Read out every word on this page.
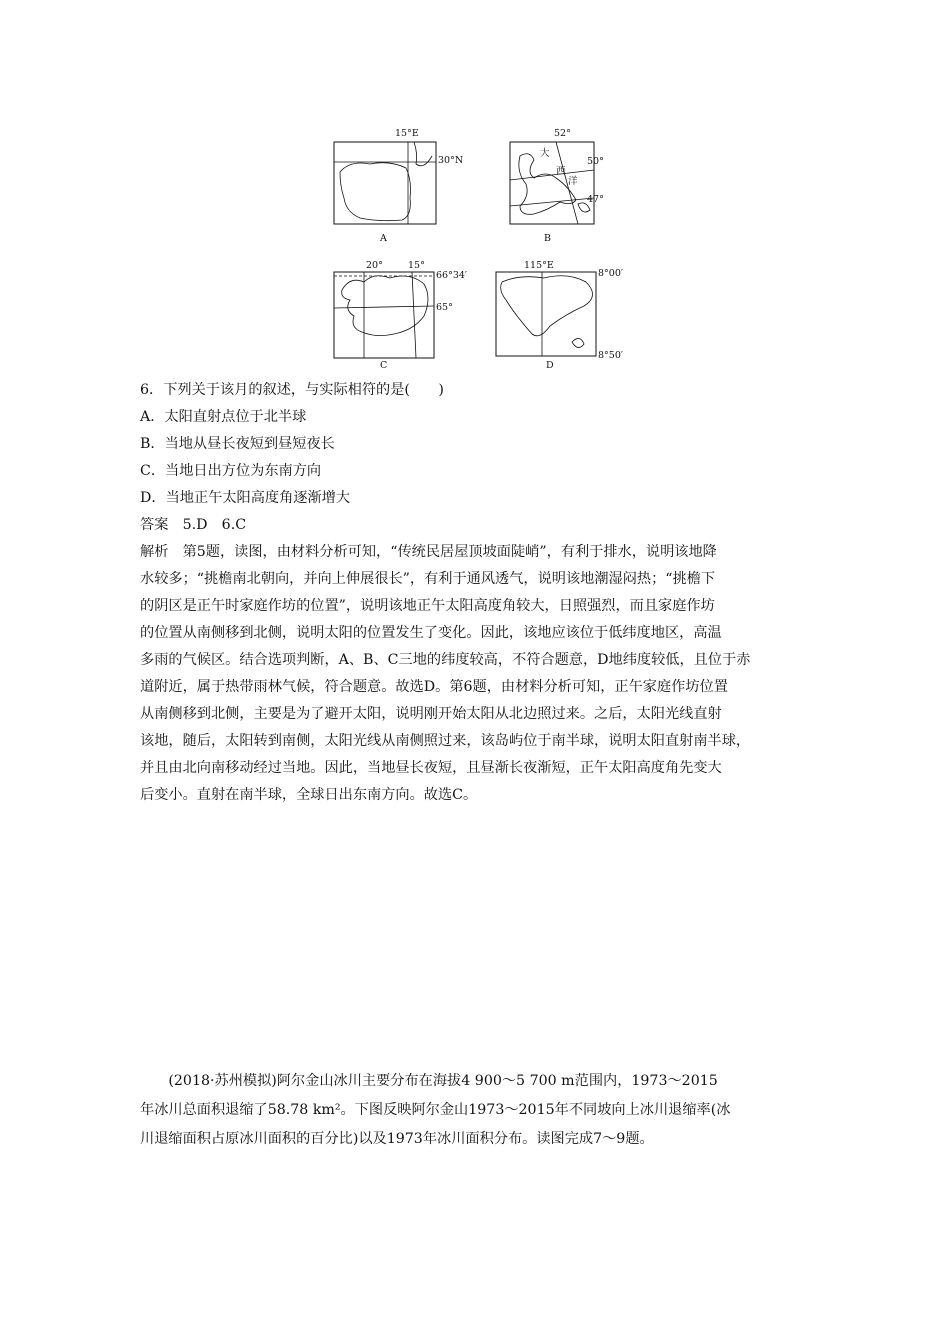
15°E
30°N
A
52°
50°
47°
大
西
洋
B
20°	15°
66°34′
65°
C
115°E
8°00′
8°50′
D
6．下列关于该月的叙述，与实际相符的是(　　)
A．太阳直射点位于北半球
B．当地从昼长夜短到昼短夜长
C．当地日出方位为东南方向
D．当地正午太阳高度角逐渐增大
答案　5.D　6.C
解析　第5题，读图，由材料分析可知，“传统民居屋顶坡面陡峭”，有利于排水，说明该地降
水较多；“挑檐南北朝向，并向上伸展很长”，有利于通风透气，说明该地潮湿闷热；“挑檐下
的阴区是正午时家庭作坊的位置”，说明该地正午太阳高度角较大，日照强烈，而且家庭作坊
的位置从南侧移到北侧，说明太阳的位置发生了变化。因此，该地应该位于低纬度地区，高温
多雨的气候区。结合选项判断，A、B、C三地的纬度较高，不符合题意，D地纬度较低，且位于赤
道附近，属于热带雨林气候，符合题意。故选D。第6题，由材料分析可知，正午家庭作坊位置
从南侧移到北侧，主要是为了避开太阳，说明刚开始太阳从北边照过来。之后，太阳光线直射
该地，随后，太阳转到南侧，太阳光线从南侧照过来，该岛屿位于南半球，说明太阳直射南半球，
并且由北向南移动经过当地。因此，当地昼长夜短，且昼渐长夜渐短，正午太阳高度角先变大
后变小。直射在南半球，全球日出东南方向。故选C。
　　(2018·苏州模拟)阿尔金山冰川主要分布在海拔4 900～5 700 m范围内，1973～2015
年冰川总面积退缩了58.78 km²。下图反映阿尔金山1973～2015年不同坡向上冰川退缩率(冰
川退缩面积占原冰川面积的百分比)以及1973年冰川面积分布。读图完成7～9题。
